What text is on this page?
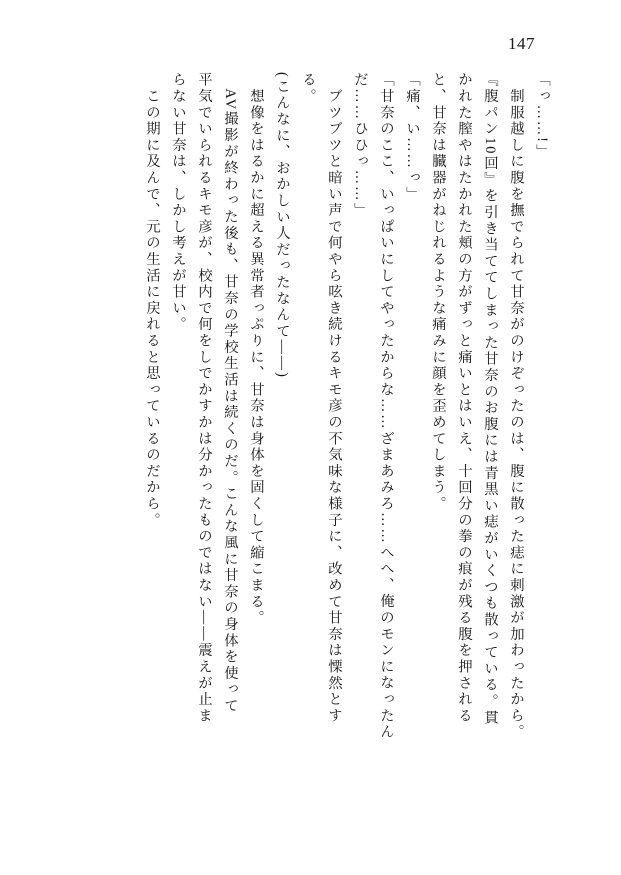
147
「っ……!」
　制服越しに腹を撫でられて甘奈がのけぞったのは、腹に散った痣に刺激が加わったから。
『腹パン10回』を引き当ててしまった甘奈のお腹には青黒い痣がいくつも散っている。貫
かれた膣やはたかれた頬の方がずっと痛いとはいえ、十回分の拳の痕が残る腹を押される
と、甘奈は臓器がねじれるような痛みに顔を歪めてしまう。
「痛、い……っ」
「甘奈のここ、いっぱいにしてやったからな……ざまあみろ……へへ、俺のモンになったん
だ……ひひっ……」
　ブツブツと暗い声で何やら呟き続けるキモ彦の不気味な様子に、改めて甘奈は慄然とす
る。
(こんなに、おかしい人だったなんて――)
　想像をはるかに超える異常者っぷりに、甘奈は身体を固くして縮こまる。
　AV撮影が終わった後も、甘奈の学校生活は続くのだ。こんな風に甘奈の身体を使って
平気でいられるキモ彦が、校内で何をしでかすかは分かったものではない――震えが止ま
らない甘奈は、しかし考えが甘い。
　この期に及んで、元の生活に戻れると思っているのだから。
